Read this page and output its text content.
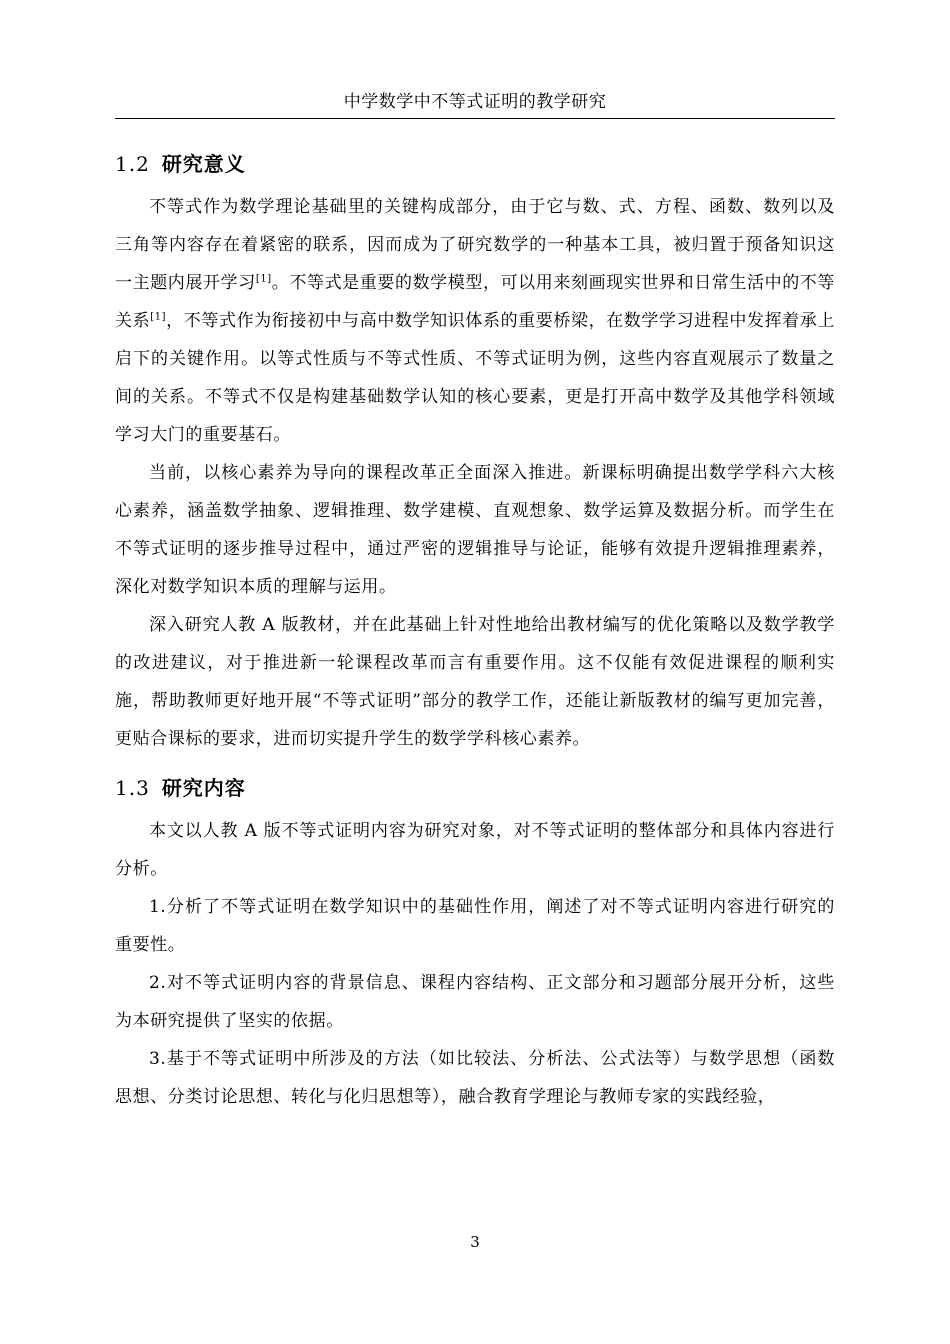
中学数学中不等式证明的教学研究
1.2 研究意义

不等式作为数学理论基础里的关键构成部分，由于它与数、式、方程、函数、数列以及三角等内容存在着紧密的联系，因而成为了研究数学的一种基本工具，被归置于预备知识这一主题内展开学习[1]。不等式是重要的数学模型，可以用来刻画现实世界和日常生活中的不等关系[1]，不等式作为衔接初中与高中数学知识体系的重要桥梁，在数学学习进程中发挥着承上启下的关键作用。以等式性质与不等式性质、不等式证明为例，这些内容直观展示了数量之间的关系。不等式不仅是构建基础数学认知的核心要素，更是打开高中数学及其他学科领域学习大门的重要基石。

当前，以核心素养为导向的课程改革正全面深入推进。新课标明确提出数学学科六大核心素养，涵盖数学抽象、逻辑推理、数学建模、直观想象、数学运算及数据分析。而学生在不等式证明的逐步推导过程中，通过严密的逻辑推导与论证，能够有效提升逻辑推理素养，深化对数学知识本质的理解与运用。

深入研究人教 A 版教材，并在此基础上针对性地给出教材编写的优化策略以及数学教学的改进建议，对于推进新一轮课程改革而言有重要作用。这不仅能有效促进课程的顺利实施，帮助教师更好地开展“不等式证明”部分的教学工作，还能让新版教材的编写更加完善，更贴合课标的要求，进而切实提升学生的数学学科核心素养。

1.3 研究内容

本文以人教 A 版不等式证明内容为研究对象，对不等式证明的整体部分和具体内容进行分析。

1.分析了不等式证明在数学知识中的基础性作用，阐述了对不等式证明内容进行研究的重要性。

2.对不等式证明内容的背景信息、课程内容结构、正文部分和习题部分展开分析，这些为本研究提供了坚实的依据。

3.基于不等式证明中所涉及的方法（如比较法、分析法、公式法等）与数学思想（函数思想、分类讨论思想、转化与化归思想等），融合教育学理论与教师专家的实践经验，

3
